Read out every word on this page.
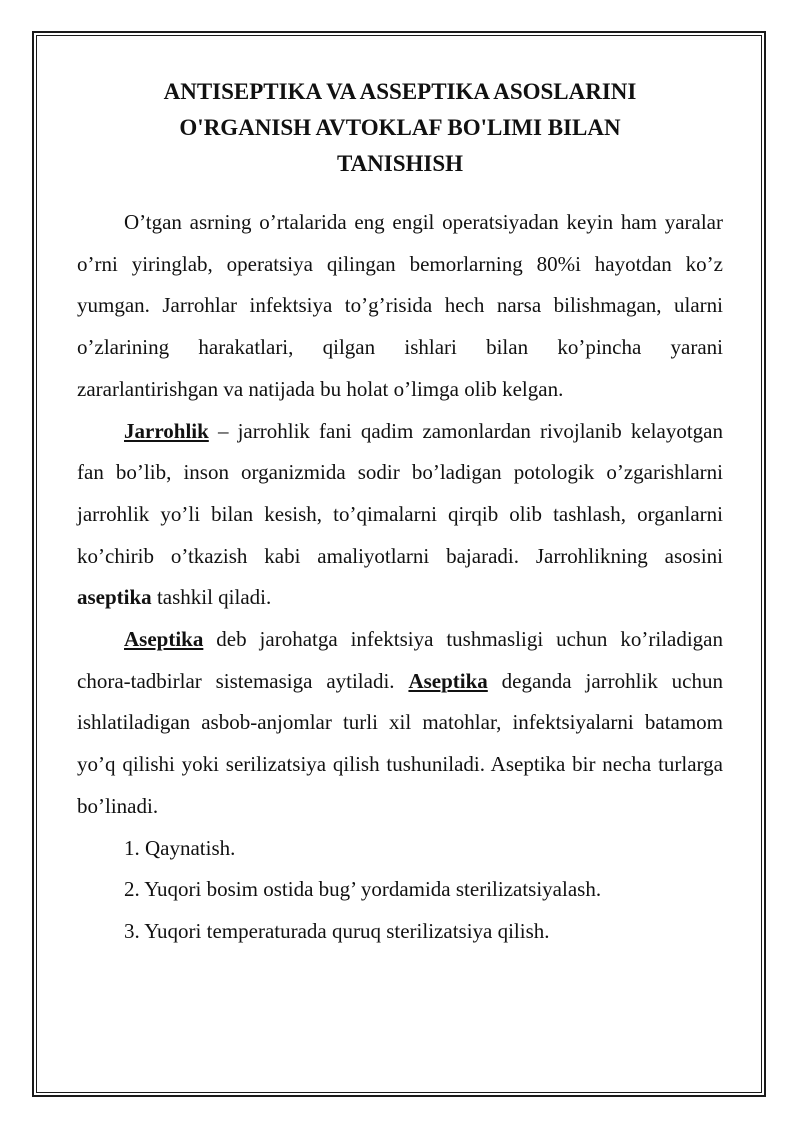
ANTISEPTIKA VA ASSEPTIKA ASOSLARINI
O'RGANISH AVTOKLAF BO'LIMI BILAN
TANISHISH

O’tgan asrning o’rtalarida eng engil operatsiyadan keyin ham yaralar o’rni yiringlab, operatsiya qilingan bemorlarning 80%i hayotdan ko’z yumgan. Jarrohlar infektsiya to’g’risida hech narsa bilishmagan, ularni o’zlarining harakatlari, qilgan ishlari bilan ko’pincha yarani zararlantirishgan va natijada bu holat o’limga olib kelgan.

Jarrohlik – jarrohlik fani qadim zamonlardan rivojlanib kelayotgan fan bo’lib, inson organizmida sodir bo’ladigan potologik o’zgarishlarni jarrohlik yo’li bilan kesish, to’qimalarni qirqib olib tashlash, organlarni ko’chirib o’tkazish kabi amaliyotlarni bajaradi. Jarrohlikning asosini aseptika tashkil qiladi.

Aseptika deb jarohatga infektsiya tushmasligi uchun ko’riladigan chora-tadbirlar sistemasiga aytiladi. Aseptika deganda jarrohlik uchun ishlatiladigan asbob-anjomlar turli xil matohlar, infektsiyalarni batamom yo’q qilishi yoki serilizatsiya qilish tushuniladi. Aseptika bir necha turlarga bo’linadi.

1. Qaynatish.

2. Yuqori bosim ostida bug’ yordamida sterilizatsiyalash.

3. Yuqori temperaturada quruq sterilizatsiya qilish.
